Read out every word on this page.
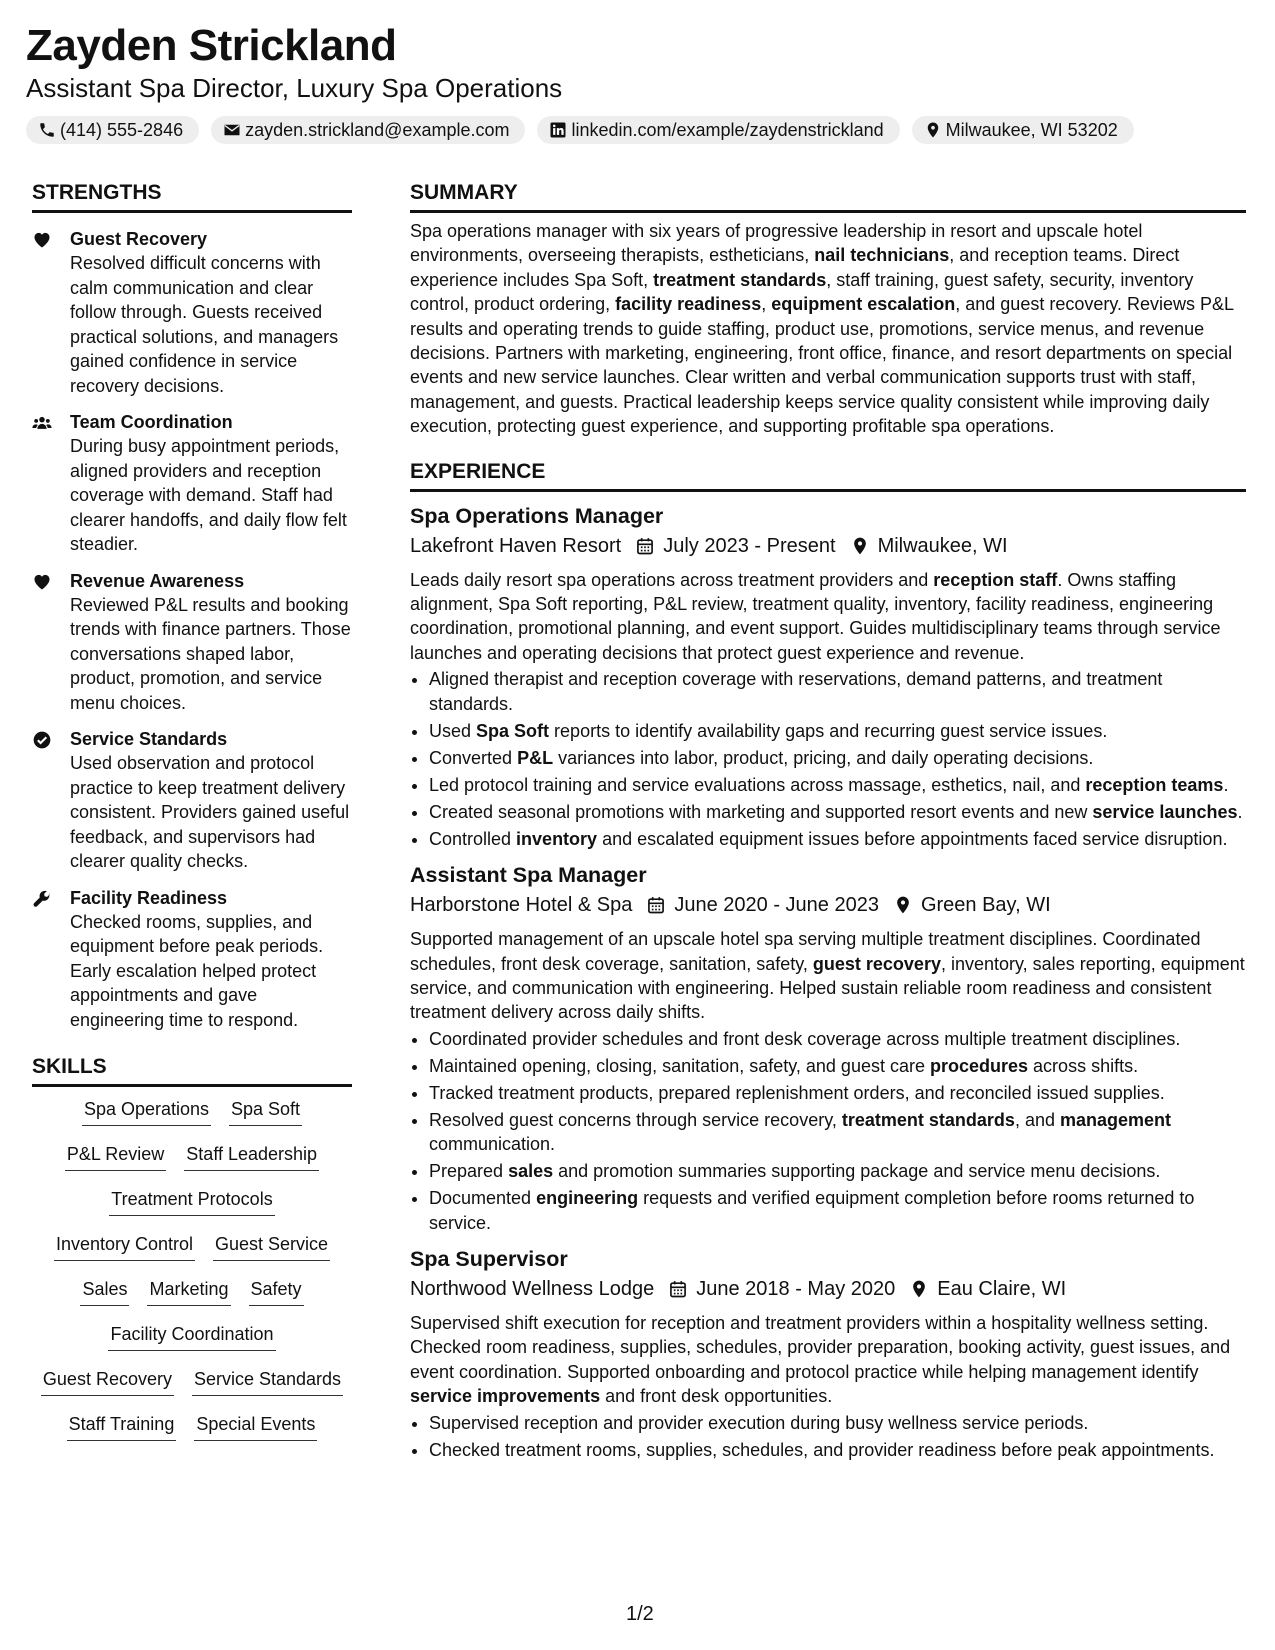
Zayden Strickland
Assistant Spa Director, Luxury Spa Operations
(414) 555-2846	zayden.strickland@example.com	linkedin.com/example/zaydenstrickland	Milwaukee, WI 53202
STRENGTHS
Guest Recovery
Resolved difficult concerns with calm communication and clear follow through. Guests received practical solutions, and managers gained confidence in service recovery decisions.
Team Coordination
During busy appointment periods, aligned providers and reception coverage with demand. Staff had clearer handoffs, and daily flow felt steadier.
Revenue Awareness
Reviewed P&L results and booking trends with finance partners. Those conversations shaped labor, product, promotion, and service menu choices.
Service Standards
Used observation and protocol practice to keep treatment delivery consistent. Providers gained useful feedback, and supervisors had clearer quality checks.
Facility Readiness
Checked rooms, supplies, and equipment before peak periods. Early escalation helped protect appointments and gave engineering time to respond.
SKILLS
Spa Operations Spa Soft
P&L Review Staff Leadership
Treatment Protocols
Inventory Control Guest Service
Sales Marketing Safety
Facility Coordination
Guest Recovery Service Standards
Staff Training Special Events
SUMMARY
Spa operations manager with six years of progressive leadership in resort and upscale hotel environments, overseeing therapists, estheticians, nail technicians, and reception teams. Direct experience includes Spa Soft, treatment standards, staff training, guest safety, security, inventory control, product ordering, facility readiness, equipment escalation, and guest recovery. Reviews P&L results and operating trends to guide staffing, product use, promotions, service menus, and revenue decisions. Partners with marketing, engineering, front office, finance, and resort departments on special events and new service launches. Clear written and verbal communication supports trust with staff, management, and guests. Practical leadership keeps service quality consistent while improving daily execution, protecting guest experience, and supporting profitable spa operations.
EXPERIENCE
Spa Operations Manager
Lakefront Haven Resort July 2023 - Present Milwaukee, WI
Leads daily resort spa operations across treatment providers and reception staff. Owns staffing alignment, Spa Soft reporting, P&L review, treatment quality, inventory, facility readiness, engineering coordination, promotional planning, and event support. Guides multidisciplinary teams through service launches and operating decisions that protect guest experience and revenue.
• Aligned therapist and reception coverage with reservations, demand patterns, and treatment standards.
• Used Spa Soft reports to identify availability gaps and recurring guest service issues.
• Converted P&L variances into labor, product, pricing, and daily operating decisions.
• Led protocol training and service evaluations across massage, esthetics, nail, and reception teams.
• Created seasonal promotions with marketing and supported resort events and new service launches.
• Controlled inventory and escalated equipment issues before appointments faced service disruption.
Assistant Spa Manager
Harborstone Hotel & Spa June 2020 - June 2023 Green Bay, WI
Supported management of an upscale hotel spa serving multiple treatment disciplines. Coordinated schedules, front desk coverage, sanitation, safety, guest recovery, inventory, sales reporting, equipment service, and communication with engineering. Helped sustain reliable room readiness and consistent treatment delivery across daily shifts.
• Coordinated provider schedules and front desk coverage across multiple treatment disciplines.
• Maintained opening, closing, sanitation, safety, and guest care procedures across shifts.
• Tracked treatment products, prepared replenishment orders, and reconciled issued supplies.
• Resolved guest concerns through service recovery, treatment standards, and management communication.
• Prepared sales and promotion summaries supporting package and service menu decisions.
• Documented engineering requests and verified equipment completion before rooms returned to service.
Spa Supervisor
Northwood Wellness Lodge June 2018 - May 2020 Eau Claire, WI
Supervised shift execution for reception and treatment providers within a hospitality wellness setting. Checked room readiness, supplies, schedules, provider preparation, booking activity, guest issues, and event coordination. Supported onboarding and protocol practice while helping management identify service improvements and front desk opportunities.
• Supervised reception and provider execution during busy wellness service periods.
• Checked treatment rooms, supplies, schedules, and provider readiness before peak appointments.
1/2
